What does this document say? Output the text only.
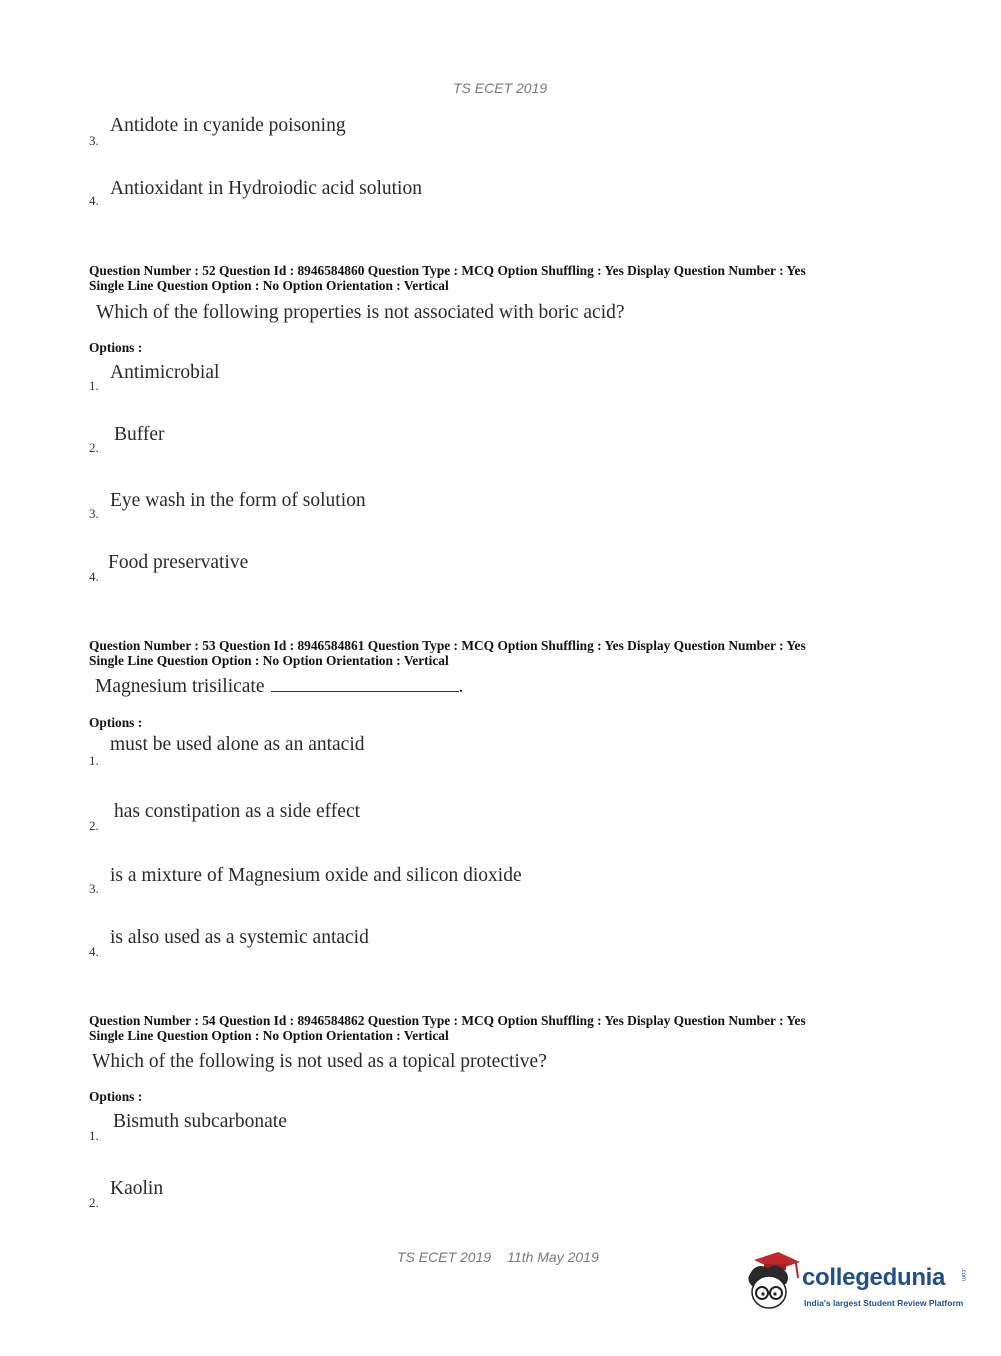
TS ECET 2019
3.
Antidote in cyanide poisoning
4.
Antioxidant in Hydroiodic acid solution
Question Number : 52 Question Id : 8946584860 Question Type : MCQ Option Shuffling : Yes Display Question Number : Yes
Single Line Question Option : No Option Orientation : Vertical
Which of the following properties is not associated with boric acid?
Options :
1.
Antimicrobial
2.
Buffer
3.
Eye wash in the form of solution
4.
Food preservative
Question Number : 53 Question Id : 8946584861 Question Type : MCQ Option Shuffling : Yes Display Question Number : Yes
Single Line Question Option : No Option Orientation : Vertical
Magnesium trisilicate	.
Options :
1.
must be used alone as an antacid
2.
has constipation as a side effect
3.
is a mixture of Magnesium oxide and silicon dioxide
4.
is also used as a systemic antacid
Question Number : 54 Question Id : 8946584862 Question Type : MCQ Option Shuffling : Yes Display Question Number : Yes
Single Line Question Option : No Option Orientation : Vertical
Which of the following is not used as a topical protective?
Options :
1.
Bismuth subcarbonate
2.
Kaolin
TS ECET 2019 11th May 2019
collegedunia .com
India's largest Student Review Platform
